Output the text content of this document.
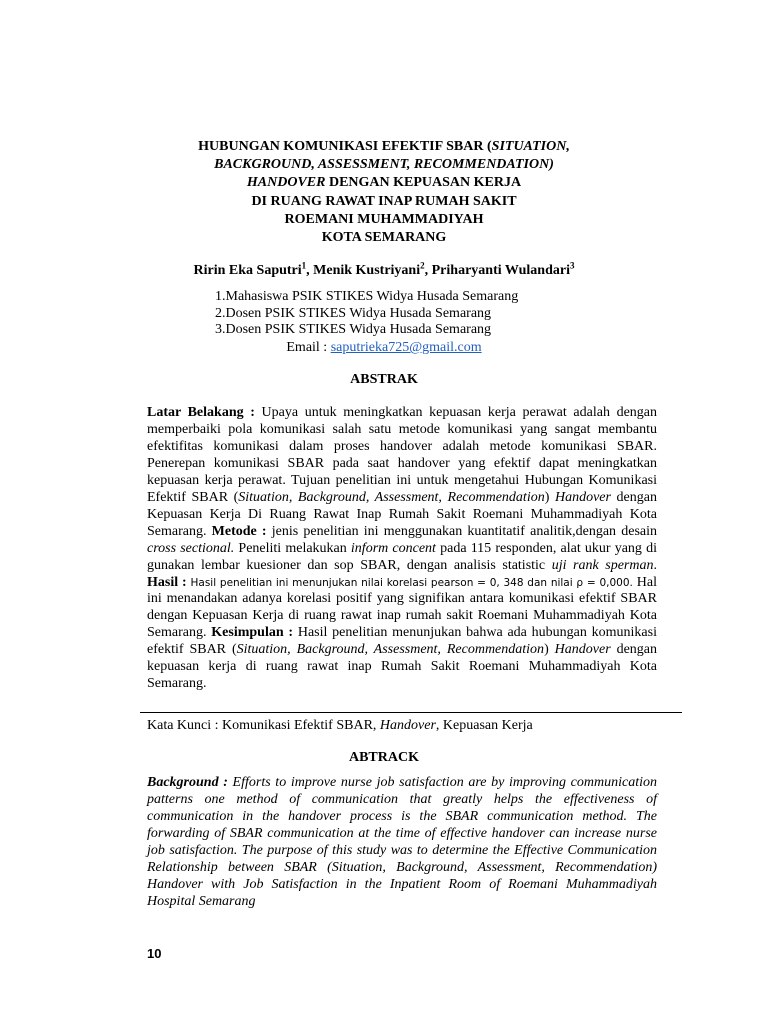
HUBUNGAN KOMUNIKASI EFEKTIF SBAR (SITUATION,
BACKGROUND, ASSESSMENT, RECOMMENDATION)
HANDOVER DENGAN KEPUASAN KERJA
DI RUANG RAWAT INAP RUMAH SAKIT
ROEMANI MUHAMMADIYAH
KOTA SEMARANG
Ririn Eka Saputri$^1$, Menik Kustriyani$^2$, Priharyanti Wulandari$^3$
1.Mahasiswa PSIK STIKES Widya Husada Semarang
2.Dosen PSIK STIKES Widya Husada Semarang
3.Dosen PSIK STIKES Widya Husada Semarang
Email : saputrieka725@gmail.com
ABSTRAK

Latar Belakang : Upaya untuk meningkatkan kepuasan kerja perawat adalah dengan memperbaiki pola komunikasi salah satu metode komunikasi yang sangat membantu efektifitas komunikasi dalam proses handover adalah metode komunikasi SBAR. Penerepan komunikasi SBAR pada saat handover yang efektif dapat meningkatkan kepuasan kerja perawat. Tujuan penelitian ini untuk mengetahui Hubungan Komunikasi Efektif SBAR (Situation, Background, Assessment, Recommendation) Handover dengan Kepuasan Kerja Di Ruang Rawat Inap Rumah Sakit Roemani Muhammadiyah Kota Semarang. Metode : jenis penelitian ini menggunakan kuantitatif analitik,dengan desain cross sectional. Peneliti melakukan inform concent pada 115 responden, alat ukur yang di gunakan lembar kuesioner dan sop SBAR, dengan analisis statistic uji rank sperman. Hasil : Hasil penelitian ini menunjukan nilai korelasi pearson = 0, 348 dan nilai ρ = 0,000. Hal ini menandakan adanya korelasi positif yang signifikan antara komunikasi efektif SBAR dengan Kepuasan Kerja di ruang rawat inap rumah sakit Roemani Muhammadiyah Kota Semarang. Kesimpulan : Hasil penelitian menunjukan bahwa ada hubungan komunikasi efektif SBAR (Situation, Background, Assessment, Recommendation) Handover dengan kepuasan kerja di ruang rawat inap Rumah Sakit Roemani Muhammadiyah Kota Semarang.

Kata Kunci : Komunikasi Efektif SBAR, Handover, Kepuasan Kerja
ABTRACK

Background : Efforts to improve nurse job satisfaction are by improving communication patterns one method of communication that greatly helps the effectiveness of communication in the handover process is the SBAR communication method. The forwarding of SBAR communication at the time of effective handover can increase nurse job satisfaction. The purpose of this study was to determine the Effective Communication Relationship between SBAR (Situation, Background, Assessment, Recommendation) Handover with Job Satisfaction in the Inpatient Room of Roemani Muhammadiyah Hospital Semarang

10
